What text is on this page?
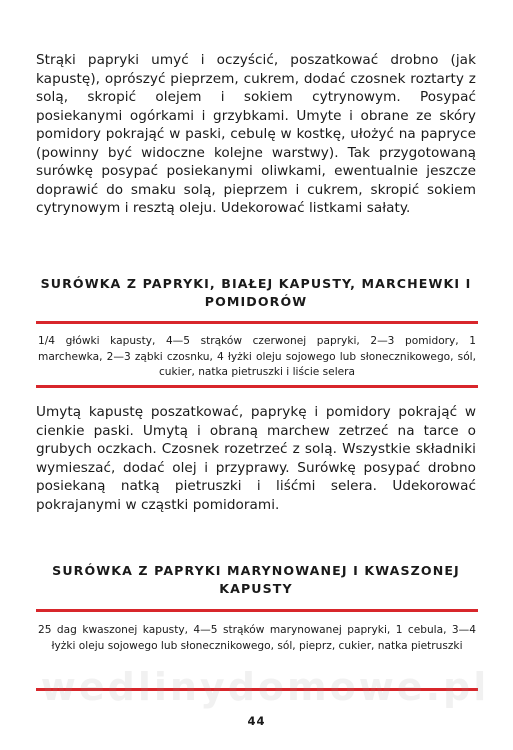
Strąki papryki umyć i oczyścić, poszatkować drobno (jak kapustę), oprószyć pieprzem, cukrem, dodać czosnek roztarty z solą, skropić olejem i sokiem cytrynowym. Posypać posiekanymi ogórkami i grzybkami. Umyte i obrane ze skóry pomidory pokrająć w paski, cebulę w kostkę, ułożyć na papryce (powinny być widoczne kolejne warstwy). Tak przygotowaną surówkę posypać posiekanymi oliwkami, ewentualnie jeszcze doprawić do smaku solą, pieprzem i cukrem, skropić sokiem cytrynowym i resztą oleju. Udekorować listkami sałaty.

SURÓWKA Z PAPRYKI, BIAŁEJ KAPUSTY, MARCHEWKI I POMIDORÓW

1/4 główki kapusty, 4—5 strąków czerwonej papryki, 2—3 pomidory, 1 marchewka, 2—3 ząbki czosnku, 4 łyżki oleju sojowego lub słonecznikowego, sól, cukier, natka pietruszki i liście selera

Umytą kapustę poszatkować, paprykę i pomidory pokrająć w cienkie paski. Umytą i obraną marchew zetrzeć na tarce o grubych oczkach. Czosnek rozetrzeć z solą. Wszystkie składniki wymieszać, dodać olej i przyprawy. Surówkę posypać drobno posiekaną natką pietruszki i liśćmi selera. Udekorować pokrajanymi w cząstki pomidorami.

SURÓWKA Z PAPRYKI MARYNOWANEJ I KWASZONEJ KAPUSTY

25 dag kwaszonej kapusty, 4—5 strąków marynowanej papryki, 1 cebula, 3—4 łyżki oleju sojowego lub słonecznikowego, sól, pieprz, cukier, natka pietruszki

wedlinydomowe.pl
44
